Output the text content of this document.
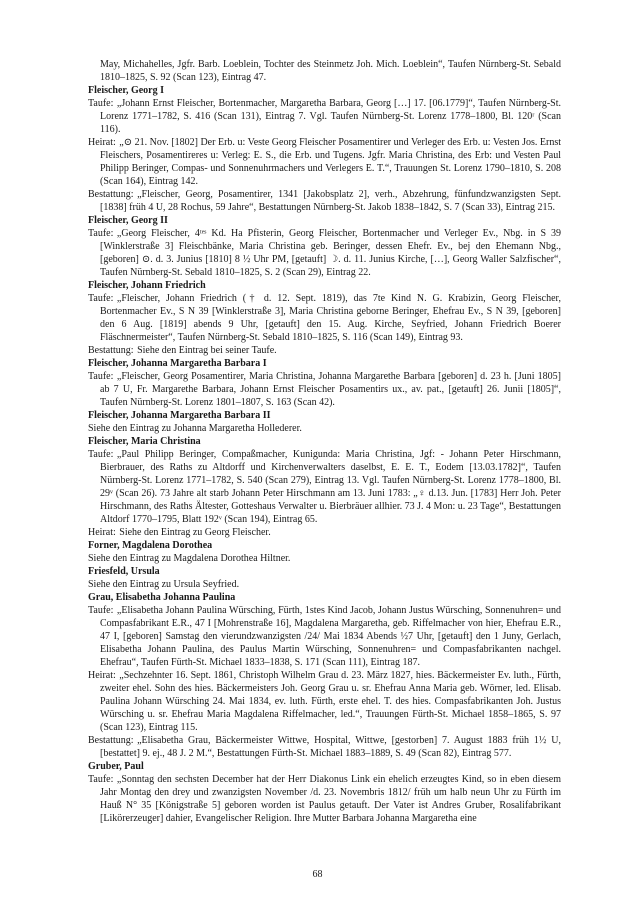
May, Michahelles, Jgfr. Barb. Loeblein, Tochter des Steinmetz Joh. Mich. Loeblein“, Taufen Nürnberg-St. Sebald 1810–1825, S. 92 (Scan 123), Eintrag 47.

Fleischer, Georg I

Taufe: „Johann Ernst Fleischer, Bortenmacher, Margaretha Barbara, Georg […] 17. [06.1779]“, Taufen Nürnberg-St. Lorenz 1771–1782, S. 416 (Scan 131), Eintrag 7. Vgl. Taufen Nürnberg-St. Lorenz 1778–1800, Bl. 120ʳ (Scan 116).

Heirat: „⊙ 21. Nov. [1802] Der Erb. u: Veste Georg Fleischer Posamentirer und Verleger des Erb. u: Vesten Jos. Ernst Fleischers, Posamentireres u: Verleg: E. S., die Erb. und Tugens. Jgfr. Maria Christina, des Erb: und Vesten Paul Philipp Beringer, Compas- und Sonnenuhrmachers und Verlegers E. T.“, Trauungen St. Lorenz 1790–1810, S. 208 (Scan 164), Eintrag 142.

Bestattung: „Fleischer, Georg, Posamentirer, 1341 [Jakobsplatz 2], verh., Abzehrung, fünfundzwanzigsten Sept. [1838] früh 4 U, 28 Rochus, 59 Jahre“, Bestattungen Nürnberg-St. Jakob 1838–1842, S. 7 (Scan 33), Eintrag 215.

Fleischer, Georg II

Taufe: „Georg Fleischer, 4ᵗᵉˢ Kd. Ha Pfisterin, Georg Fleischer, Bortenmacher und Verleger Ev., Nbg. in S 39 [Winklerstraße 3] Fleischbänke, Maria Christina geb. Beringer, dessen Ehefr. Ev., bej den Ehemann Nbg., [geboren] ⊙. d. 3. Junius [1810] 8 ½ Uhr PM, [getauft] ☽. d. 11. Junius Kirche, […], Georg Waller Salzfischer“, Taufen Nürnberg-St. Sebald 1810–1825, S. 2 (Scan 29), Eintrag 22.

Fleischer, Johann Friedrich

Taufe: „Fleischer, Johann Friedrich († d. 12. Sept. 1819), das 7te Kind N. G. Krabizin, Georg Fleischer, Bortenmacher Ev., S N 39 [Winklerstraße 3], Maria Christina geborne Beringer, Ehefrau Ev., S N 39, [geboren] den 6 Aug. [1819] abends 9 Uhr, [getauft] den 15. Aug. Kirche, Seyfried, Johann Friedrich Boerer Fläschnermeister“, Taufen Nürnberg-St. Sebald 1810–1825, S. 116 (Scan 149), Eintrag 93.

Bestattung: Siehe den Eintrag bei seiner Taufe.

Fleischer, Johanna Margaretha Barbara I

Taufe: „Fleischer, Georg Posamentirer, Maria Christina, Johanna Margarethe Barbara [geboren] d. 23 h. [Juni 1805] ab 7 U, Fr. Margarethe Barbara, Johann Ernst Fleischer Posamentirs ux., av. pat., [getauft] 26. Junii [1805]“, Taufen Nürnberg-St. Lorenz 1801–1807, S. 163 (Scan 42).

Fleischer, Johanna Margaretha Barbara II

Siehe den Eintrag zu Johanna Margaretha Hollederer.

Fleischer, Maria Christina

Taufe: „Paul Philipp Beringer, Compaßmacher, Kunigunda: Maria Christina, Jgf: - Johann Peter Hirschmann, Bierbrauer, des Raths zu Altdorff und Kirchenverwalters daselbst, E. E. T., Eodem [13.03.1782]“, Taufen Nürnberg-St. Lorenz 1771–1782, S. 540 (Scan 279), Eintrag 13. Vgl. Taufen Nürnberg-St. Lorenz 1778–1800, Bl. 29ᵛ (Scan 26). 73 Jahre alt starb Johann Peter Hirschmann am 13. Juni 1783: „♀ d.13. Jun. [1783] Herr Joh. Peter Hirschmann, des Raths Ältester, Gotteshaus Verwalter u. Bierbräuer allhier. 73 J. 4 Mon: u. 23 Tage“, Bestattungen Altdorf 1770–1795, Blatt 192ᵛ (Scan 194), Eintrag 65.

Heirat: Siehe den Eintrag zu Georg Fleischer.

Forner, Magdalena Dorothea

Siehe den Eintrag zu Magdalena Dorothea Hiltner.

Friesfeld, Ursula

Siehe den Eintrag zu Ursula Seyfried.

Grau, Elisabetha Johanna Paulina

Taufe: „Elisabetha Johann Paulina Würsching, Fürth, 1stes Kind Jacob, Johann Justus Würsching, Sonnenuhren= und Compasfabrikant E.R., 47 I [Mohrenstraße 16], Magdalena Margaretha, geb. Riffelmacher von hier, Ehefrau E.R., 47 I, [geboren] Samstag den vierundzwanzigsten /24/ Mai 1834 Abends ½7 Uhr, [getauft] den 1 Juny, Gerlach, Elisabetha Johann Paulina, des Paulus Martin Würsching, Sonnenuhren= und Compasfabrikanten nachgel. Ehefrau“, Taufen Fürth-St. Michael 1833–1838, S. 171 (Scan 111), Eintrag 187.

Heirat: „Sechzehnter 16. Sept. 1861, Christoph Wilhelm Grau d. 23. März 1827, hies. Bäckermeister Ev. luth., Fürth, zweiter ehel. Sohn des hies. Bäckermeisters Joh. Georg Grau u. sr. Ehefrau Anna Maria geb. Wörner, led. Elisab. Paulina Johann Würsching 24. Mai 1834, ev. luth. Fürth, erste ehel. T. des hies. Compasfabrikanten Joh. Justus Würsching u. sr. Ehefrau Maria Magdalena Riffelmacher, led.“, Trauungen Fürth-St. Michael 1858–1865, S. 97 (Scan 123), Eintrag 115.

Bestattung: „Elisabetha Grau, Bäckermeister Wittwe, Hospital, Wittwe, [gestorben] 7. August 1883 früh 1½ U, [bestattet] 9. ej., 48 J. 2 M.“, Bestattungen Fürth-St. Michael 1883–1889, S. 49 (Scan 82), Eintrag 577.

Gruber, Paul

Taufe: „Sonntag den sechsten December hat der Herr Diakonus Link ein ehelich erzeugtes Kind, so in eben diesem Jahr Montag den drey und zwanzigsten November /d. 23. Novembris 1812/ früh um halb neun Uhr zu Fürth im Hauß N° 35 [Königstraße 5] geboren worden ist Paulus getauft. Der Vater ist Andres Gruber, Rosalifabrikant [Likörerzeuger] dahier, Evangelischer Religion. Ihre Mutter Barbara Johanna Margaretha eine

68
